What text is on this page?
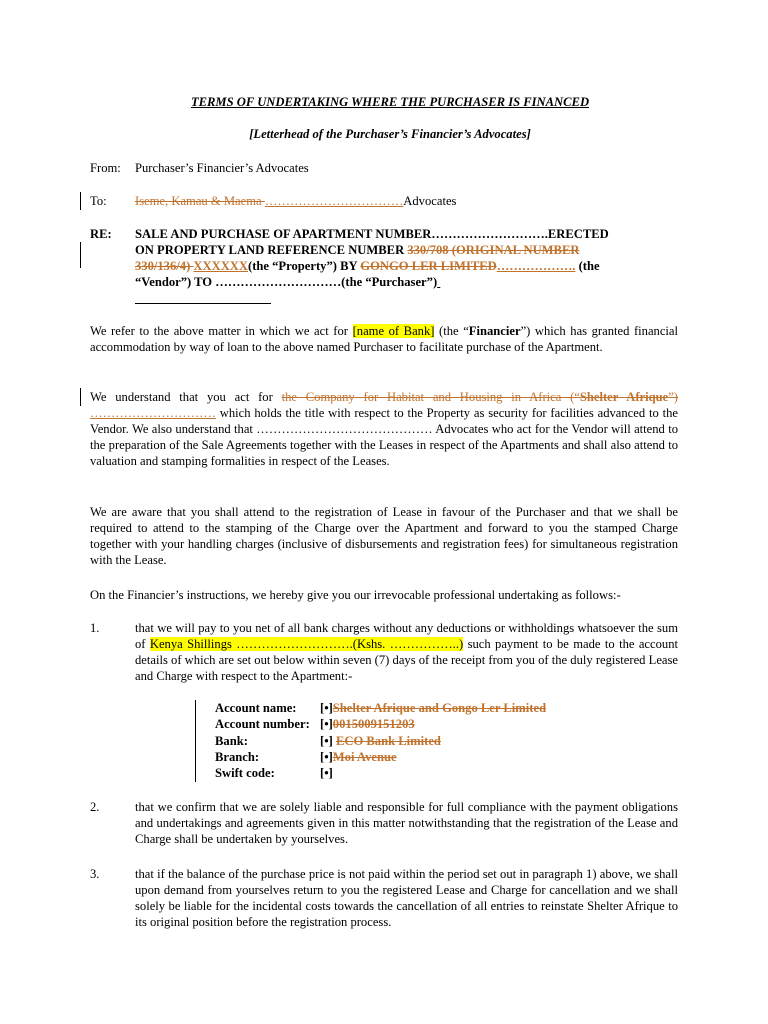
TERMS OF UNDERTAKING WHERE THE PURCHASER IS FINANCED
[Letterhead of the Purchaser’s Financier’s Advocates]
From: Purchaser’s Financier’s Advocates
To: Iseme, Kamau & Maema ……………………………Advocates
RE: SALE AND PURCHASE OF APARTMENT NUMBER……………………….ERECTED
ON PROPERTY LAND REFERENCE NUMBER 330/708 (ORIGINAL NUMBER
330/136/4) XXXXXX(the “Property”) BY GONGO LER LIMITED………………. (the
“Vendor”) TO …………………………(the “Purchaser”)
We refer to the above matter in which we act for [name of Bank] (the “Financier”) which has granted financial accommodation by way of loan to the above named Purchaser to facilitate purchase of the Apartment.
We understand that you act for the Company for Habitat and Housing in Africa (“Shelter Afrique”) ………………………… which holds the title with respect to the Property as security for facilities advanced to the Vendor. We also understand that …………………………………… Advocates who act for the Vendor will attend to the preparation of the Sale Agreements together with the Leases in respect of the Apartments and shall also attend to valuation and stamping formalities in respect of the Leases.
We are aware that you shall attend to the registration of Lease in favour of the Purchaser and that we shall be required to attend to the stamping of the Charge over the Apartment and forward to you the stamped Charge together with your handling charges (inclusive of disbursements and registration fees) for simultaneous registration with the Lease.
On the Financier’s instructions, we hereby give you our irrevocable professional undertaking as follows:-
1.	that we will pay to you net of all bank charges without any deductions or withholdings whatsoever the sum of Kenya Shillings ……………………….(Kshs. ……………..) such payment to be made to the account details of which are set out below within seven (7) days of the receipt from you of the duly registered Lease and Charge with respect to the Apartment:-
Account name: [•]Shelter Afrique and Gongo Ler Limited
Account number: [•]0015009151203
Bank:	[•] ECO Bank Limited
Branch:	[•]Moi Avenue
Swift code:	[•]
2.	that we confirm that we are solely liable and responsible for full compliance with the payment obligations and undertakings and agreements given in this matter notwithstanding that the registration of the Lease and Charge shall be undertaken by yourselves.
3.	that if the balance of the purchase price is not paid within the period set out in paragraph 1) above, we shall upon demand from yourselves return to you the registered Lease and Charge for cancellation and we shall solely be liable for the incidental costs towards the cancellation of all entries to reinstate Shelter Afrique to its original position before the registration process.
